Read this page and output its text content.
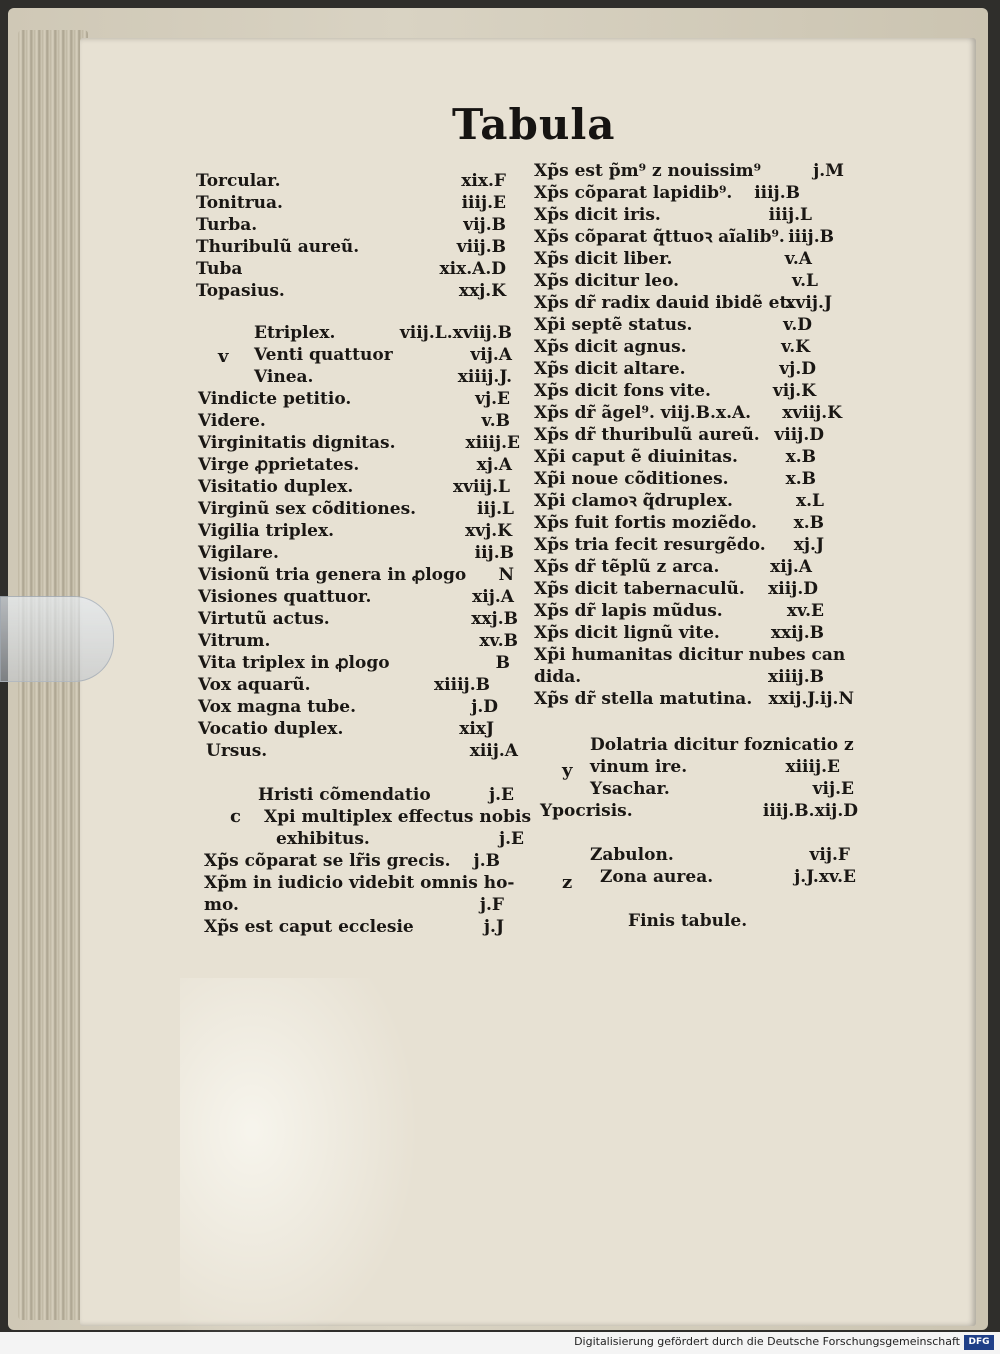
Tabula
Torcular.	xix.F
Tonitrua.	iiij.E
Turba.	vij.B
Thuribulũ aureũ.	viij.B
Tuba	xix.A.D
Topasius.	xxj.K
Etriplex.	viij.L.xviij.B
Venti quattuor	vij.A
Vinea.	xiiij.J.
Vindicte petitio.	vj.E
Videre.	v.B
Virginitatis dignitas.	xiiij.E
Virge ꝓprietates.	xj.A
Visitatio duplex.	xviij.L
Virginũ sex cõditiones.	iij.L
Vigilia triplex.	xvj.K
Vigilare.	iij.B
Visionũ tria genera in ꝓlogo N
Visiones quattuor.	xij.A
Virtutũ actus.	xxj.B
Vitrum.	xv.B
Vita triplex in ꝓlogo	B
Vox aquarũ.	xiiij.B
Vox magna tube.	j.D
Vocatio duplex.	xixJ
Ursus.	xiij.A
Hristi cõmendatio	j.E
Xpi multiplex effectus nobis
exhibitus.	j.E
Xp̃s cõparat se lr̃is grecis. j.B
Xp̃m in iudicio videbit omnis ho-
mo.	j.F
Xp̃s est caput ecclesie	j.J
Xp̃s est p̃m⁹ z nouissim⁹	j.M
Xp̃s cõparat lapidib⁹. iiij.B
Xp̃s dicit iris.	iiij.L
Xp̃s cõparat q̃ttuoꝛ aĩalib⁹. iiij.B
Xp̃s dicit liber.	v.A
Xp̃s dicitur leo.	v.L
Xp̃s dr̃ radix dauid ibidẽ et.
xvij.J
Xp̃i septẽ status.	v.D
Xp̃s dicit agnus.	v.K
Xp̃s dicit altare.	vj.D
Xp̃s dicit fons vite.	vij.K
Xp̃s dr̃ ãgel⁹. viij.B.x.A. xviij.K
Xp̃s dr̃ thuribulũ aureũ. viij.D
Xp̃i caput ẽ diuinitas.	x.B
Xp̃i noue cõditiones.	x.B
Xp̃i clamoꝛ q̃druplex.	x.L
Xp̃s fuit fortis moziẽdo. x.B
Xp̃s tria fecit resurgẽdo. xj.J
Xp̃s dr̃ tẽplũ z arca.	xij.A
Xp̃s dicit tabernaculũ. xiij.D
Xp̃s dr̃ lapis mũdus.	xv.E
Xp̃s dicit lignũ vite.	xxij.B
Xp̃i humanitas dicitur nubes can
dida.	xiiij.B
Xp̃s dr̃ stella matutina. xxij.J.ij.N
Dolatria dicitur foznicatio z
vinum ire.	xiiij.E
Ysachar.	vij.E
Ypocrisis.	iiij.B.xij.D
Zabulon.	vij.F
Zona aurea.	j.J.xv.E
Finis tabule.
v
c
y
z
Digitalisierung gefördert durch die Deutsche Forschungsgemeinschaft DFG
